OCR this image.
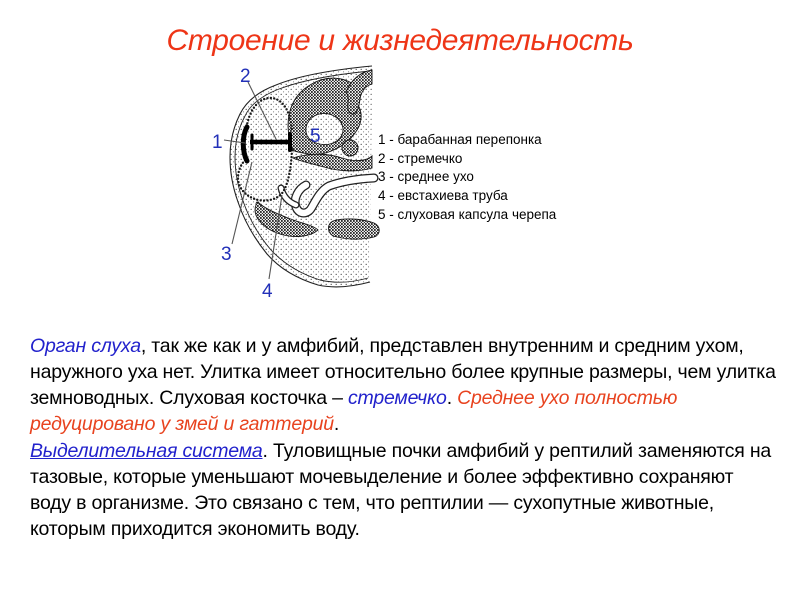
Строение и жизнедеятельность
1
2
3
4
5	1 - барабанная перепонка
2 - стремечко
3 - среднее ухо
4 - евстахиева труба
5 - слуховая капсула черепа

Орган слуха, так же как и у амфибий, представлен внутренним и средним ухом, наружного уха нет. Улитка имеет относительно более крупные размеры, чем улитка земноводных. Слуховая косточка – стремечко. Среднее ухо полностью редуцировано у змей и гаттерий.

Выделительная система. Туловищные почки амфибий у рептилий заменяются на тазовые, которые уменьшают мочевыделение и более эффективно сохраняют воду в организме. Это связано с тем, что рептилии — сухопутные животные, которым приходится экономить воду.
